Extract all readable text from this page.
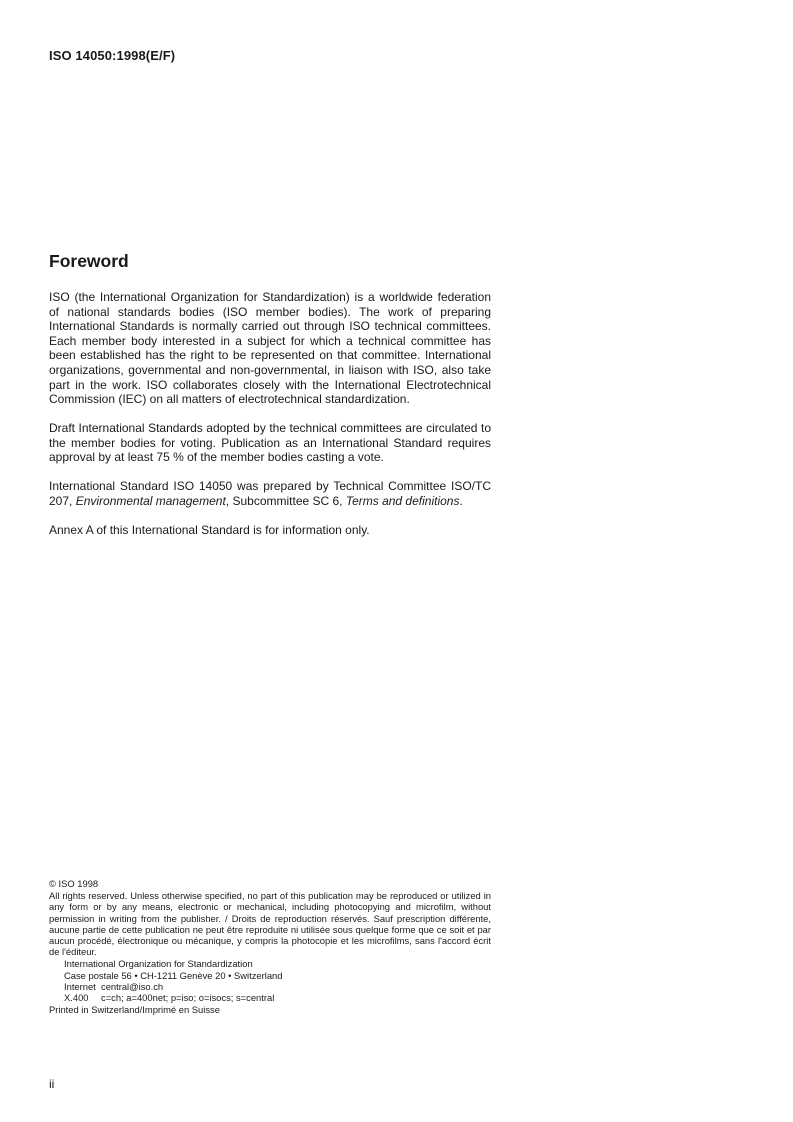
ISO 14050:1998(E/F)
Foreword

ISO (the International Organization for Standardization) is a worldwide federation of national standards bodies (ISO member bodies). The work of preparing International Standards is normally carried out through ISO technical committees. Each member body interested in a subject for which a technical committee has been established has the right to be represented on that committee. International organizations, governmental and non-governmental, in liaison with ISO, also take part in the work. ISO collaborates closely with the International Electrotechnical Commission (IEC) on all matters of electrotechnical standardization.

Draft International Standards adopted by the technical committees are circulated to the member bodies for voting. Publication as an International Standard requires approval by at least 75 % of the member bodies casting a vote.

International Standard ISO 14050 was prepared by Technical Committee ISO/TC 207, Environmental management, Subcommittee SC 6, Terms and definitions.

Annex A of this International Standard is for information only.

© ISO 1998
All rights reserved. Unless otherwise specified, no part of this publication may be reproduced or utilized in any form or by any means, electronic or mechanical, including photocopying and microfilm, without permission in writing from the publisher. / Droits de reproduction réservés. Sauf prescription différente, aucune partie de cette publication ne peut être reproduite ni utilisée sous quelque forme que ce soit et par aucun procédé, électronique ou mécanique, y compris la photocopie et les microfilms, sans l'accord écrit de l'éditeur.
International Organization for Standardization
Case postale 56 • CH-1211 Genève 20 • Switzerland
Internet central@iso.ch
X.400 c=ch; a=400net; p=iso; o=isocs; s=central
Printed in Switzerland/Imprimé en Suisse
ii
